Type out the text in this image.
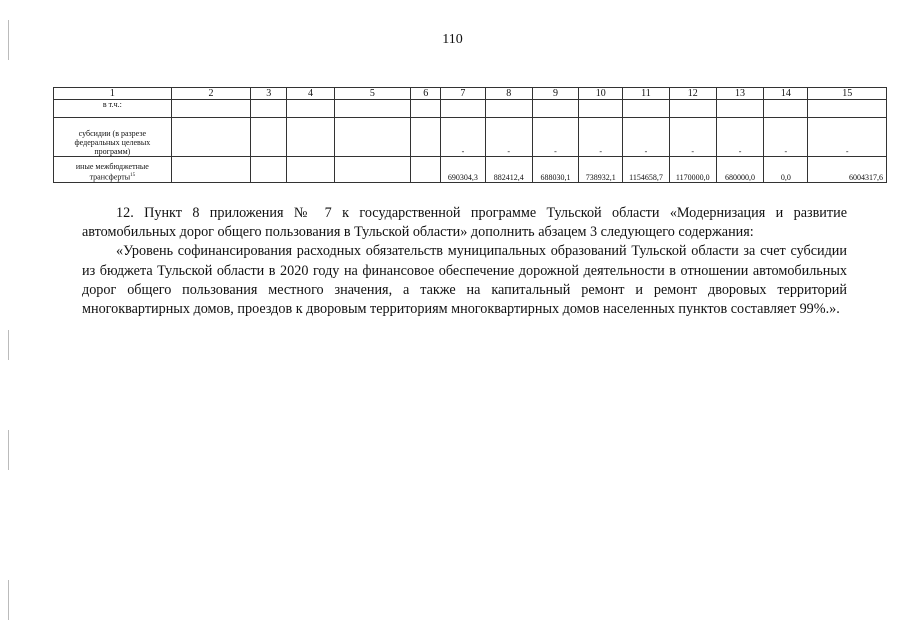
110
1	2	3	4	5	6	7	8	9	10	11	12	13	14	15
в т.ч.:														
субсидии (в разрезе федеральных целевых программ)						-	-	-	-	-	-	-	-	-
иные межбюджетные трансферты$^{15}$						690304,3	882412,4	688030,1	738932,1	1154658,7	1170000,0	680000,0	0,0	6004317,6

12. Пункт 8 приложения № 7 к государственной программе Тульской области «Модернизация и развитие автомобильных дорог общего пользования в Тульской области» дополнить абзацем 3 следующего содержания:

«Уровень софинансирования расходных обязательств муниципальных образований Тульской области за счет субсидии из бюджета Тульской области в 2020 году на финансовое обеспечение дорожной деятельности в отношении автомобильных дорог общего пользования местного значения, а также на капитальный ремонт и ремонт дворовых территорий многоквартирных домов, проездов к дворовым территориям многоквартирных домов населенных пунктов составляет 99%.».
